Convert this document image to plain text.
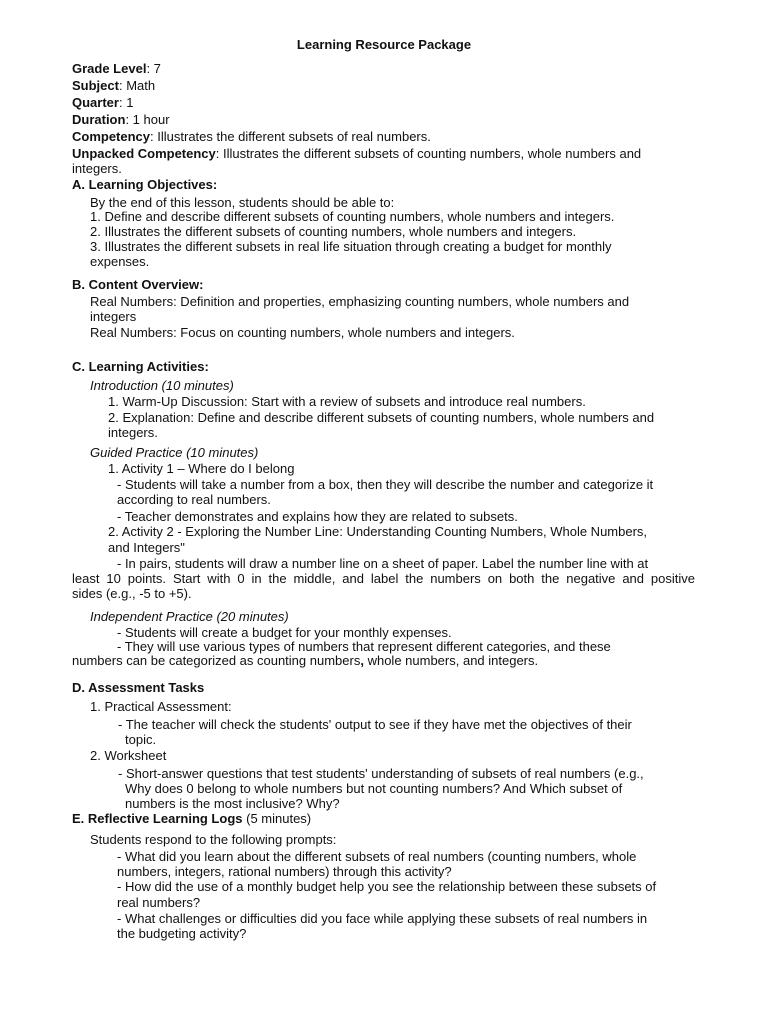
Learning Resource Package
Grade Level: 7
Subject: Math
Quarter: 1
Duration: 1 hour
Competency: Illustrates the different subsets of real numbers.
Unpacked Competency: Illustrates the different subsets of counting numbers, whole numbers and
integers.
A. Learning Objectives:
By the end of this lesson, students should be able to:
1. Define and describe different subsets of counting numbers, whole numbers and integers.
2. Illustrates the different subsets of counting numbers, whole numbers and integers.
3. Illustrates the different subsets in real life situation through creating a budget for monthly
expenses.
B. Content Overview:
Real Numbers: Definition and properties, emphasizing counting numbers, whole numbers and
integers
Real Numbers: Focus on counting numbers, whole numbers and integers.
C. Learning Activities:
Introduction (10 minutes)
1. Warm-Up Discussion: Start with a review of subsets and introduce real numbers.
2. Explanation: Define and describe different subsets of counting numbers, whole numbers and
integers.
Guided Practice (10 minutes)
1. Activity 1 – Where do I belong
- Students will take a number from a box, then they will describe the number and categorize it
according to real numbers.
- Teacher demonstrates and explains how they are related to subsets.
2. Activity 2 - Exploring the Number Line: Understanding Counting Numbers, Whole Numbers,
and Integers"
- In pairs, students will draw a number line on a sheet of paper. Label the number line with at
least 10 points. Start with 0 in the middle, and label the numbers on both the negative and positive
sides (e.g., -5 to +5).
Independent Practice (20 minutes)
- Students will create a budget for your monthly expenses.
- They will use various types of numbers that represent different categories, and these
numbers can be categorized as counting numbers, whole numbers, and integers.
D. Assessment Tasks
1. Practical Assessment:
- The teacher will check the students' output to see if they have met the objectives of their
topic.
2. Worksheet
- Short-answer questions that test students' understanding of subsets of real numbers (e.g.,
Why does 0 belong to whole numbers but not counting numbers? And Which subset of
numbers is the most inclusive? Why?
E. Reflective Learning Logs (5 minutes)
Students respond to the following prompts:
- What did you learn about the different subsets of real numbers (counting numbers, whole
numbers, integers, rational numbers) through this activity?
- How did the use of a monthly budget help you see the relationship between these subsets of
real numbers?
- What challenges or difficulties did you face while applying these subsets of real numbers in
the budgeting activity?
